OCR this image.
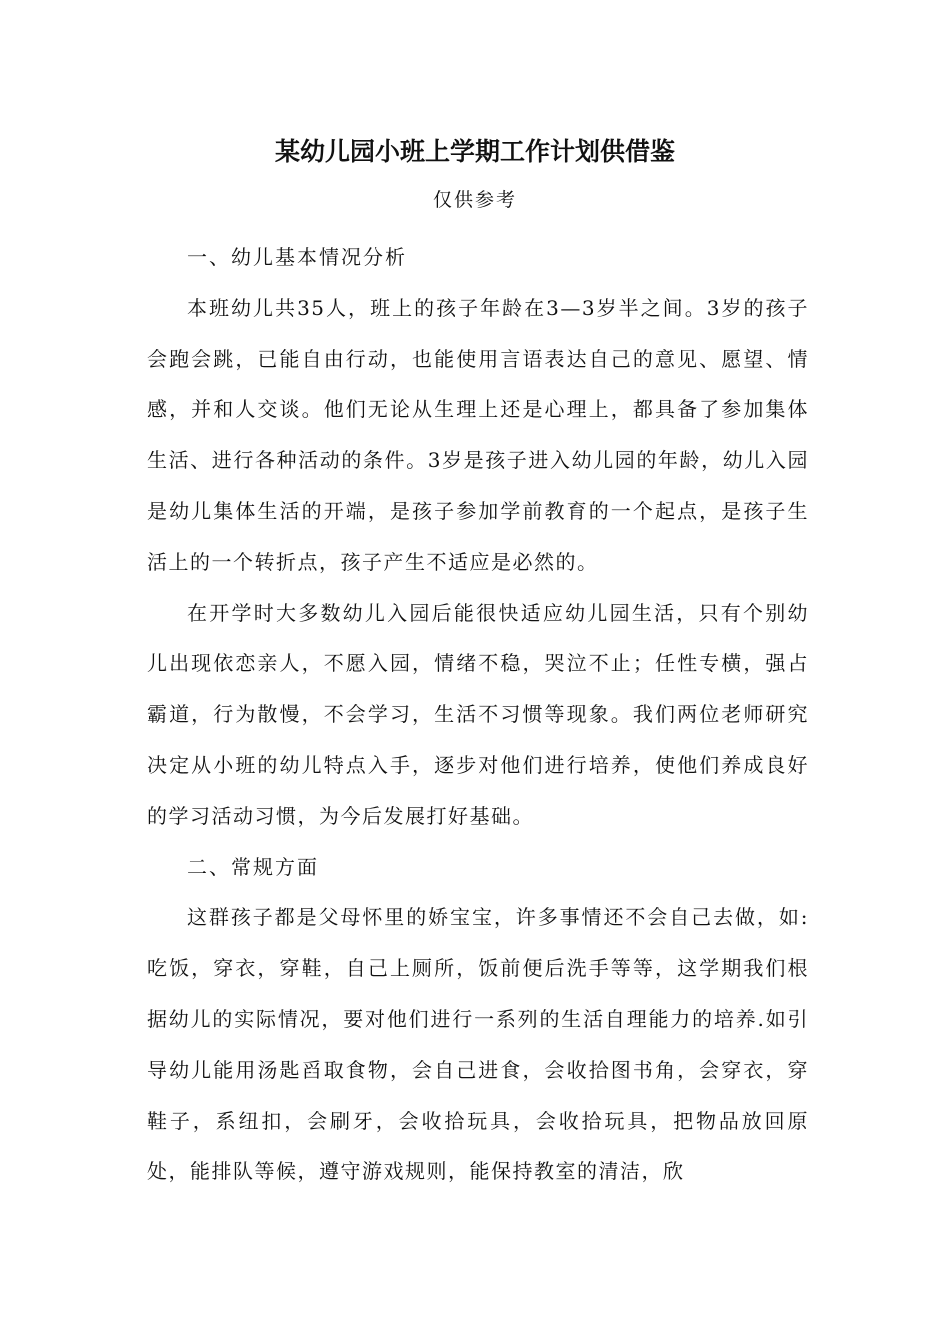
某幼儿园小班上学期工作计划供借鉴
仅供参考

一、幼儿基本情况分析

本班幼儿共35人，班上的孩子年龄在3—3岁半之间。3岁的孩子会跑会跳，已能自由行动，也能使用言语表达自己的意见、愿望、情感，并和人交谈。他们无论从生理上还是心理上，都具备了参加集体生活、进行各种活动的条件。3岁是孩子进入幼儿园的年龄，幼儿入园是幼儿集体生活的开端，是孩子参加学前教育的一个起点，是孩子生活上的一个转折点，孩子产生不适应是必然的。

在开学时大多数幼儿入园后能很快适应幼儿园生活，只有个别幼儿出现依恋亲人，不愿入园，情绪不稳，哭泣不止；任性专横，强占霸道，行为散慢，不会学习，生活不习惯等现象。我们两位老师研究决定从小班的幼儿特点入手，逐步对他们进行培养，使他们养成良好的学习活动习惯，为今后发展打好基础。

二、常规方面

这群孩子都是父母怀里的娇宝宝，许多事情还不会自己去做，如:吃饭，穿衣，穿鞋，自己上厕所，饭前便后洗手等等，这学期我们根据幼儿的实际情况，要对他们进行一系列的生活自理能力的培养.如引导幼儿能用汤匙舀取食物，会自己进食，会收拾图书角，会穿衣，穿鞋子，系纽扣，会刷牙，会收拾玩具，会收拾玩具，把物品放回原处，能排队等候，遵守游戏规则，能保持教室的清洁，欣
